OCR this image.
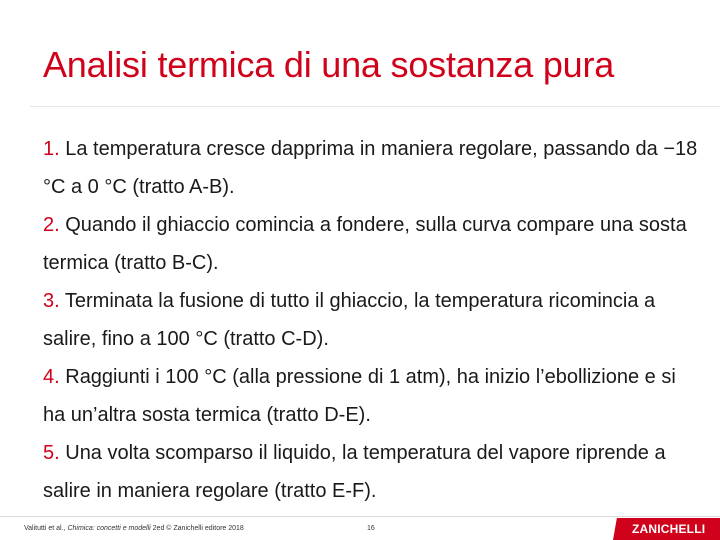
Analisi termica di una sostanza pura
1. La temperatura cresce dapprima in maniera regolare, passando da −18 °C a 0 °C (tratto A-B).
2. Quando il ghiaccio comincia a fondere, sulla curva compare una sosta termica (tratto B-C).
3. Terminata la fusione di tutto il ghiaccio, la temperatura ricomincia a salire, fino a 100 °C (tratto C-D).
4. Raggiunti i 100 °C (alla pressione di 1 atm), ha inizio l’ebollizione e si ha un’altra sosta termica (tratto D-E).
5. Una volta scomparso il liquido, la temperatura del vapore riprende a salire in maniera regolare (tratto E-F).
Valitutti et al., Chimica: concetti e modelli 2ed © Zanichelli editore 2018	16	ZANICHELLI
